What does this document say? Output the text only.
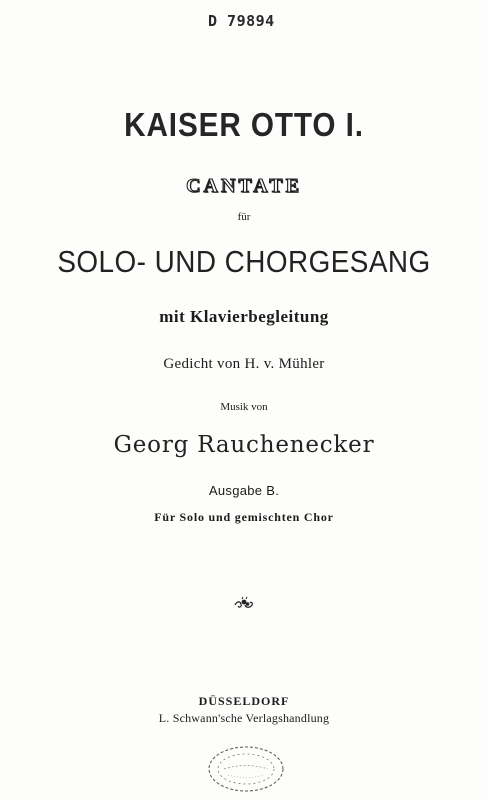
D 79894
KAISER OTTO I.
CANTATE
für
SOLO- UND CHORGESANG
mit Klavierbegleitung
Gedicht von H. v. Mühler
Musik von
Georg Rauchenecker
Ausgabe B.
Für Solo und gemischten Chor
DÜSSELDORF
L. Schwann'sche Verlagshandlung
